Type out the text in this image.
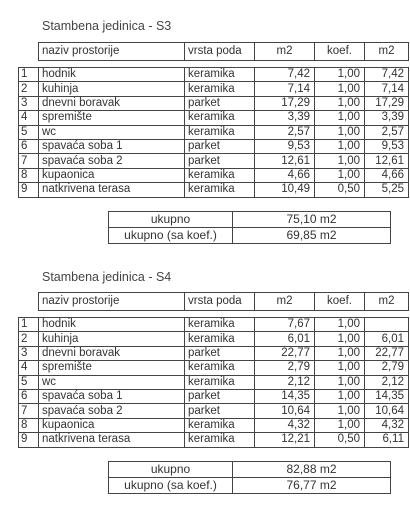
Stambena jedinica - S3
	naziv prostorije	vrsta poda	m2	koef.	m2

1	hodnik	keramika	7,42	1,00	7,42
2	kuhinja	keramika	7,14	1,00	7,14
3	dnevni boravak	parket	17,29	1,00	17,29
4	spremište	keramika	3,39	1,00	3,39
5	wc	keramika	2,57	1,00	2,57
6	spavaća soba 1	parket	9,53	1,00	9,53
7	spavaća soba 2	parket	12,61	1,00	12,61
8	kupaonica	keramika	4,66	1,00	4,66
9	natkrivena terasa	keramika	10,49	0,50	5,25
ukupno	75,10 m2
ukupno (sa koef.)	69,85 m2
Stambena jedinica - S4
	naziv prostorije	vrsta poda	m2	koef.	m2

1	hodnik	keramika	7,67	1,00	
2	kuhinja	keramika	6,01	1,00	6,01
3	dnevni boravak	parket	22,77	1,00	22,77
4	spremište	keramika	2,79	1,00	2,79
5	wc	keramika	2,12	1,00	2,12
6	spavaća soba 1	parket	14,35	1,00	14,35
7	spavaća soba 2	parket	10,64	1,00	10,64
8	kupaonica	keramika	4,32	1,00	4,32
9	natkrivena terasa	keramika	12,21	0,50	6,11
ukupno	82,88 m2
ukupno (sa koef.)	76,77 m2
